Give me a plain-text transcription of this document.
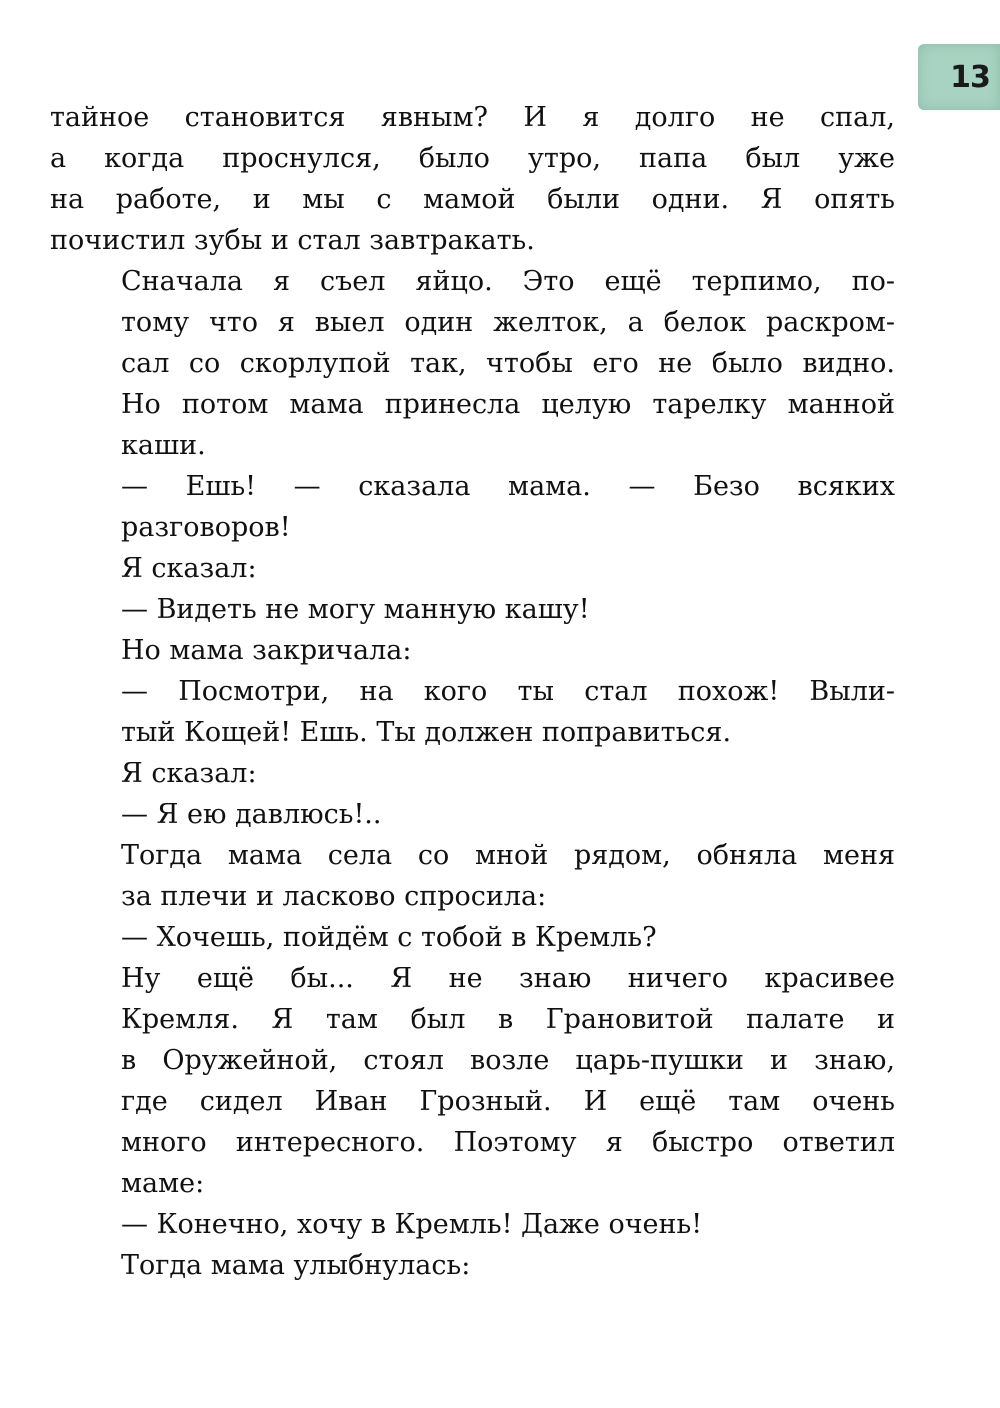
13

тайное становится явным? И я долго не спал,
а когда проснулся, было утро, папа был уже
на работе, и мы с мамой были одни. Я опять
почистил зубы и стал завтракать.

Сначала я съел яйцо. Это ещё терпимо, по-
тому что я выел один желток, а белок раскром-
сал со скорлупой так, чтобы его не было видно.
Но потом мама принесла целую тарелку манной
каши.

— Ешь! — сказала мама. — Безо всяких
разговоров!

Я сказал:

— Видеть не могу манную кашу!

Но мама закричала:

— Посмотри, на кого ты стал похож! Выли-
тый Кощей! Ешь. Ты должен поправиться.

Я сказал:

— Я ею давлюсь!..

Тогда мама села со мной рядом, обняла меня
за плечи и ласково спросила:

— Хочешь, пойдём с тобой в Кремль?

Ну ещё бы... Я не знаю ничего красивее
Кремля. Я там был в Грановитой палате и
в Оружейной, стоял возле царь-пушки и знаю,
где сидел Иван Грозный. И ещё там очень
много интересного. Поэтому я быстро ответил
маме:

— Конечно, хочу в Кремль! Даже очень!

Тогда мама улыбнулась:
